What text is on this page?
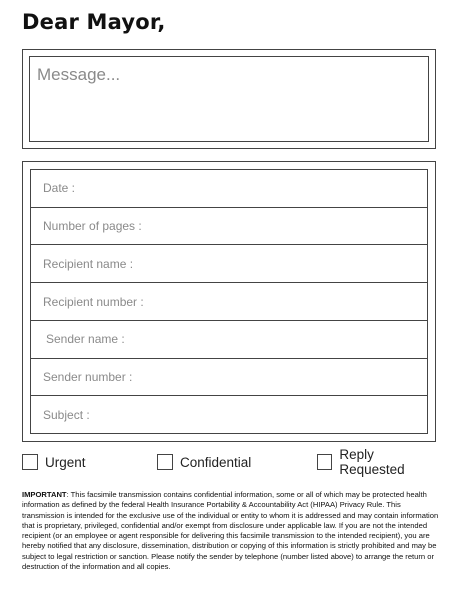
Dear Mayor,
Message...
Date :
Number of pages :
Recipient name :
Recipient number :
Sender name :
Sender number :
Subject :
Urgent	Confidential	Reply Requested

IMPORTANT: This facsimile transmission contains confidential information, some or all of which may be protected health information as defined by the federal Health Insurance Portability & Accountability Act (HIPAA) Privacy Rule. This transmission is intended for the exclusive use of the individual or entity to whom it is addressed and may contain information that is proprietary, privileged, confidential and/or exempt from disclosure under applicable law. If you are not the intended recipient (or an employee or agent responsible for delivering this facsimile transmission to the intended recipient), you are hereby notified that any disclosure, dissemination, distribution or copying of this information is strictly prohibited and may be subject to legal restriction or sanction. Please notify the sender by telephone (number listed above) to arrange the return or destruction of the information and all copies.
